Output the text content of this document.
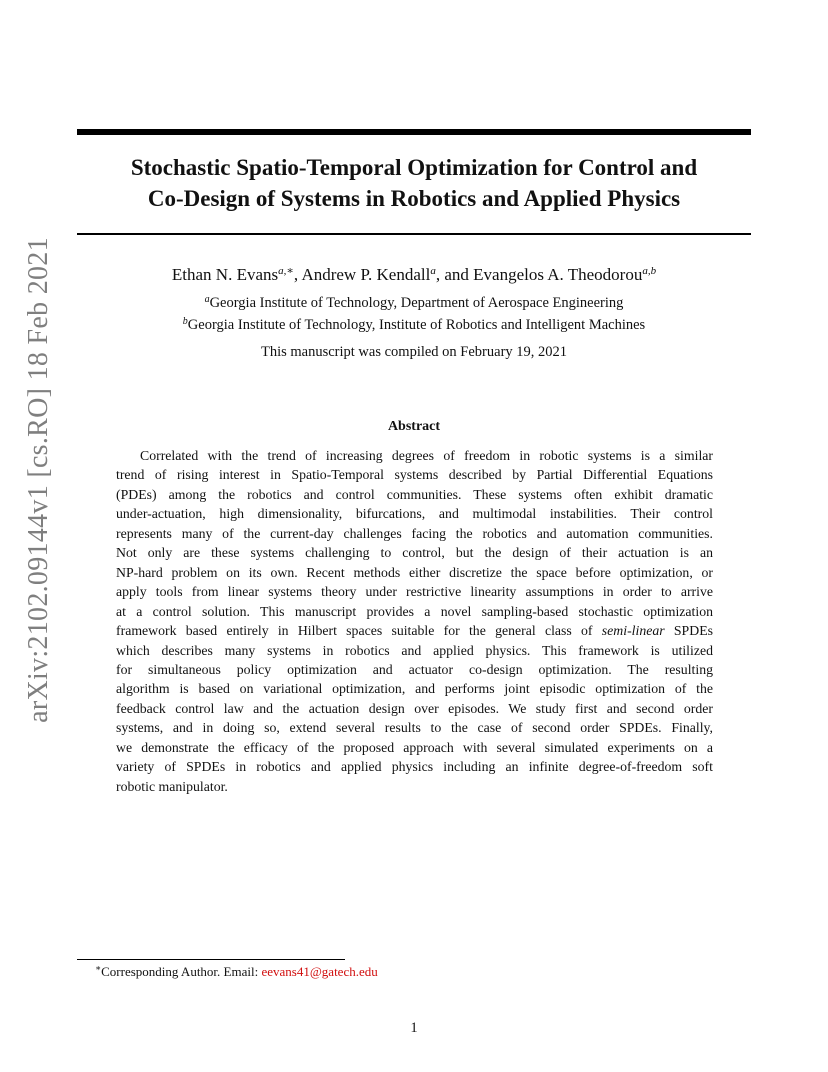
arXiv:2102.09144v1 [cs.RO] 18 Feb 2021
Stochastic Spatio-Temporal Optimization for Control and
Co-Design of Systems in Robotics and Applied Physics
Ethan N. Evans$^{a,∗}$, Andrew P. Kendall$^a$, and Evangelos A. Theodorou$^{a,b}$
$^a$Georgia Institute of Technology, Department of Aerospace Engineering
$^b$Georgia Institute of Technology, Institute of Robotics and Intelligent Machines
This manuscript was compiled on February 19, 2021
Abstract
Correlated with the trend of increasing degrees of freedom in robotic systems is a similar
trend of rising interest in Spatio-Temporal systems described by Partial Differential Equations
(PDEs) among the robotics and control communities. These systems often exhibit dramatic
under-actuation, high dimensionality, bifurcations, and multimodal instabilities. Their control
represents many of the current-day challenges facing the robotics and automation communities.
Not only are these systems challenging to control, but the design of their actuation is an
NP-hard problem on its own. Recent methods either discretize the space before optimization, or
apply tools from linear systems theory under restrictive linearity assumptions in order to arrive
at a control solution. This manuscript provides a novel sampling-based stochastic optimization
framework based entirely in Hilbert spaces suitable for the general class of semi-linear SPDEs
which describes many systems in robotics and applied physics. This framework is utilized
for simultaneous policy optimization and actuator co-design optimization. The resulting
algorithm is based on variational optimization, and performs joint episodic optimization of the
feedback control law and the actuation design over episodes. We study first and second order
systems, and in doing so, extend several results to the case of second order SPDEs. Finally,
we demonstrate the efficacy of the proposed approach with several simulated experiments on a
variety of SPDEs in robotics and applied physics including an infinite degree-of-freedom soft
robotic manipulator.
∗Corresponding Author. Email: eevans41@gatech.edu
1
